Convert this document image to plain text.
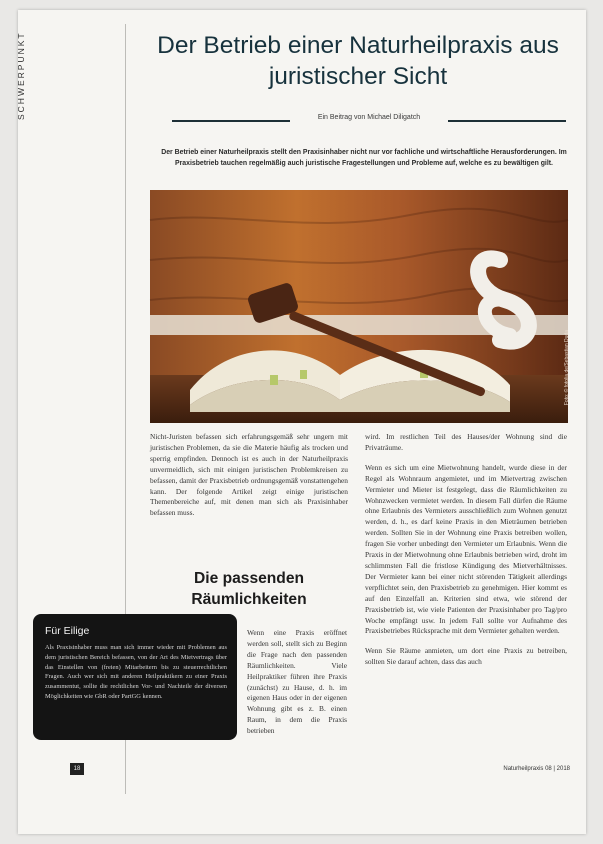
SCHWERPUNKT	Der Betrieb einer Naturheilpraxis aus juristischer Sicht
Ein Beitrag von Michael Diligatch
Der Betrieb einer Naturheilpraxis stellt den Praxisinhaber nicht nur vor fachliche und wirtschaftliche Herausforderungen. Im Praxisbetrieb tauchen regelmäßig auch juristische Fragestellungen und Probleme auf, welche es zu bewältigen gilt.
Foto: © fotolia.de/Sebastian Duda
Nicht-Juristen befassen sich erfahrungsgemäß sehr ungern mit juristischen Problemen, da sie die Materie häufig als trocken und sperrig empfinden. Dennoch ist es auch in der Naturheilpraxis unvermeidlich, sich mit einigen juristischen Problemkreisen zu befassen, damit der Praxisbetrieb ordnungsgemäß vonstattengehen kann. Der folgende Artikel zeigt einige juristischen Themenbereiche auf, mit denen man sich als Praxisinhaber befassen muss.
Die passenden Räumlichkeiten
Wenn eine Praxis eröffnet werden soll, stellt sich zu Beginn die Frage nach den passenden Räumlichkeiten. Viele Heilpraktiker führen ihre Praxis (zunächst) zu Hause, d. h. im eigenen Haus oder in der eigenen Wohnung gibt es z. B. einen Raum, in dem die Praxis betrieben

wird. Im restlichen Teil des Hauses/der Wohnung sind die Privaträume.

Wenn es sich um eine Mietwohnung handelt, wurde diese in der Regel als Wohnraum angemietet, und im Mietvertrag zwischen Vermieter und Mieter ist festgelegt, dass die Räumlichkeiten zu Wohnzwecken vermietet werden. In diesem Fall dürfen die Räume ohne Erlaubnis des Vermieters ausschließlich zum Wohnen genutzt werden, d. h., es darf keine Praxis in den Mieträumen betrieben werden. Sollten Sie in der Wohnung eine Praxis betreiben wollen, fragen Sie vorher unbedingt den Vermieter um Erlaubnis. Wenn die Praxis in der Mietwohnung ohne Erlaubnis betrieben wird, droht im schlimmsten Fall die fristlose Kündigung des Mietverhältnisses. Der Vermieter kann bei einer nicht störenden Tätigkeit allerdings verpflichtet sein, den Praxisbetrieb zu genehmigen. Hier kommt es auf den Einzelfall an. Kriterien sind etwa, wie störend der Praxisbetrieb ist, wie viele Patienten der Praxisinhaber pro Tag/pro Woche empfängt usw. In jedem Fall sollte vor Aufnahme des Praxisbetriebes Rücksprache mit dem Vermieter gehalten werden.

Wenn Sie Räume anmieten, um dort eine Praxis zu betreiben, sollten Sie darauf achten, dass das auch

Für Eilige
Als Praxisinhaber muss man sich immer wieder mit Problemen aus dem juristischen Bereich befassen, von der Art des Mietvertrags über das Einstellen von (freien) Mitarbeitern bis zu steuerrechtlichen Fragen. Auch wer sich mit anderen Heilpraktikern zu einer Praxis zusammentut, sollte die rechtlichen Vor- und Nachteile der diversen Möglichkeiten wie GbR oder PartGG kennen.
18	Naturheilpraxis 08 | 2018
